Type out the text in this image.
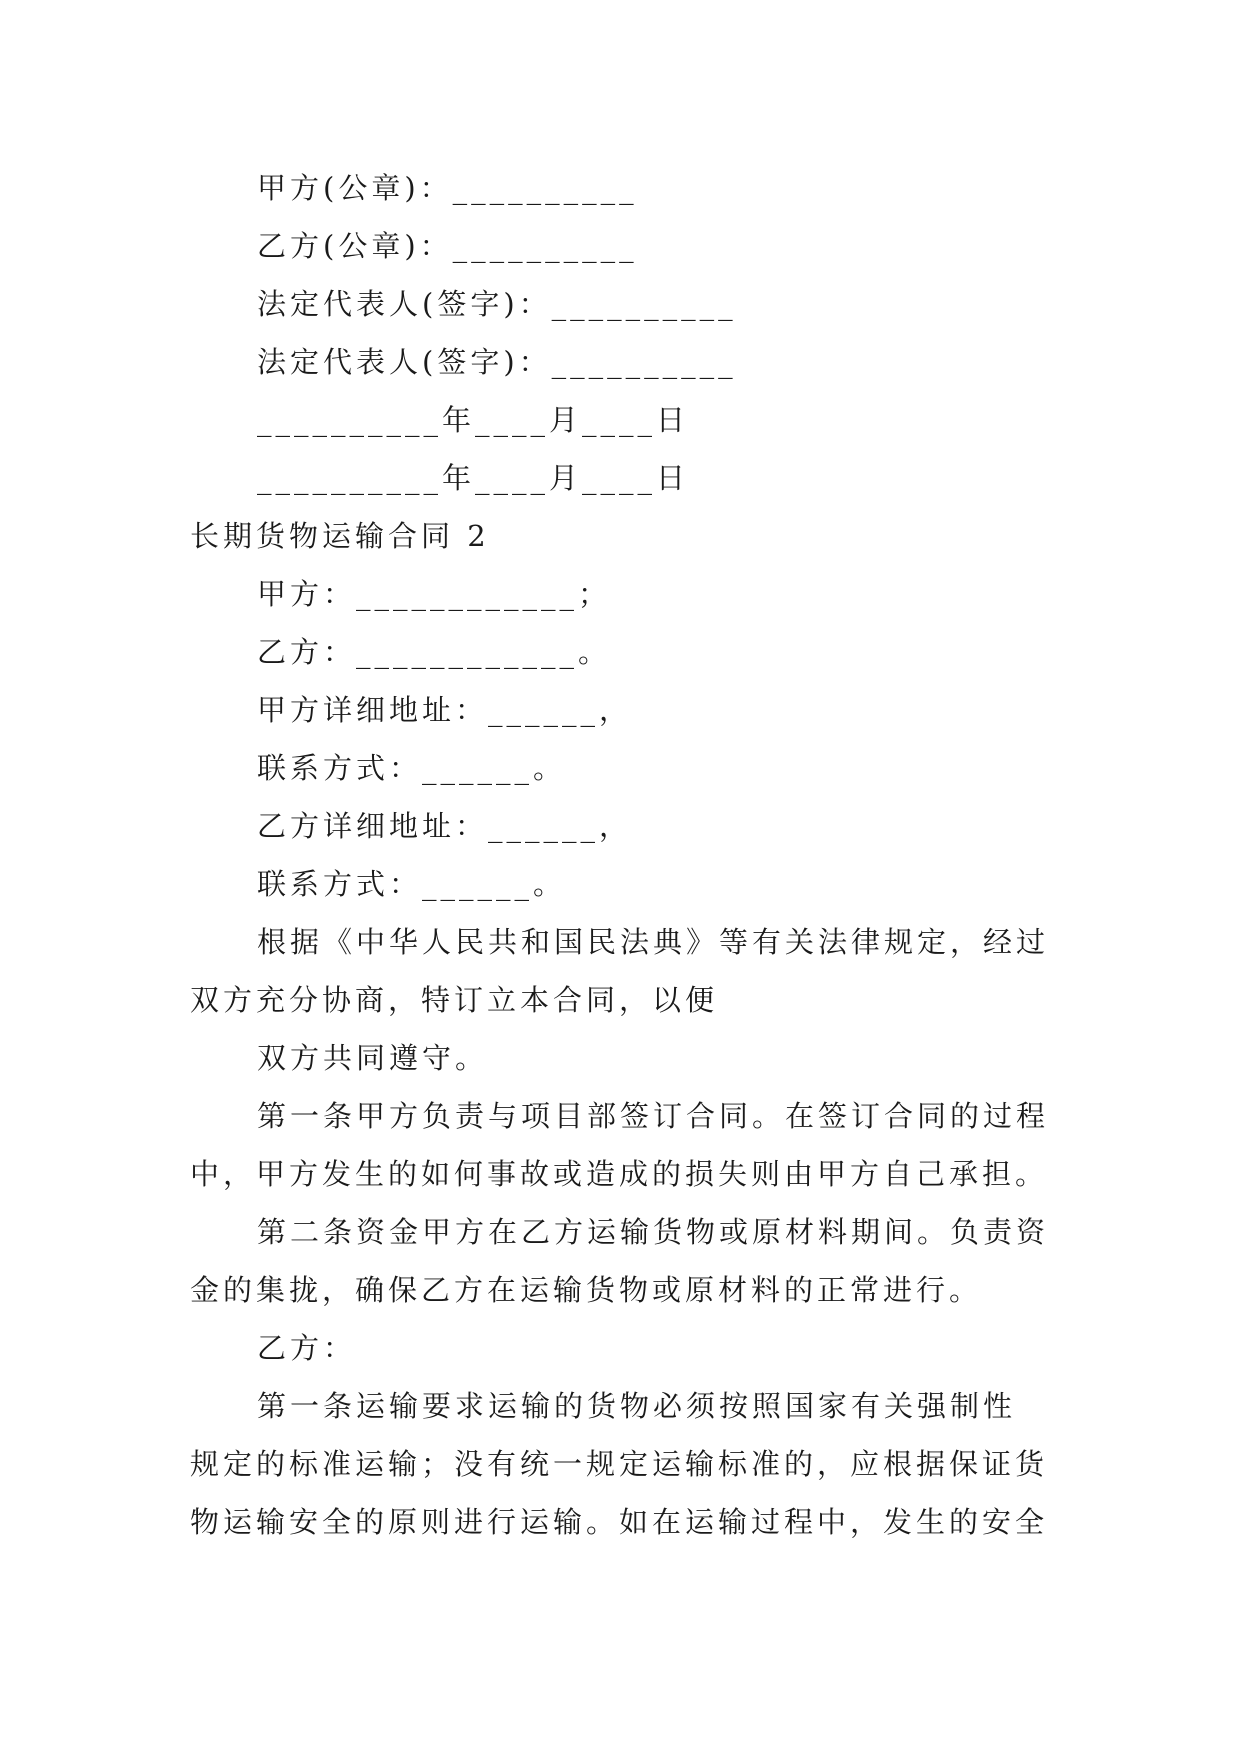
甲方(公章)：__________
乙方(公章)：__________
法定代表人(签字)：__________
法定代表人(签字)：__________
__________年____月____日
__________年____月____日
长期货物运输合同 2
甲方：____________；
乙方：____________。
甲方详细地址：______，
联系方式：______。
乙方详细地址：______，
联系方式：______。
根据《中华人民共和国民法典》等有关法律规定，经过
双方充分协商，特订立本合同，以便
双方共同遵守。
第一条甲方负责与项目部签订合同。在签订合同的过程
中，甲方发生的如何事故或造成的损失则由甲方自己承担。
第二条资金甲方在乙方运输货物或原材料期间。负责资
金的集拢，确保乙方在运输货物或原材料的正常进行。
乙方：
第一条运输要求运输的货物必须按照国家有关强制性
规定的标准运输；没有统一规定运输标准的，应根据保证货
物运输安全的原则进行运输。如在运输过程中，发生的安全
